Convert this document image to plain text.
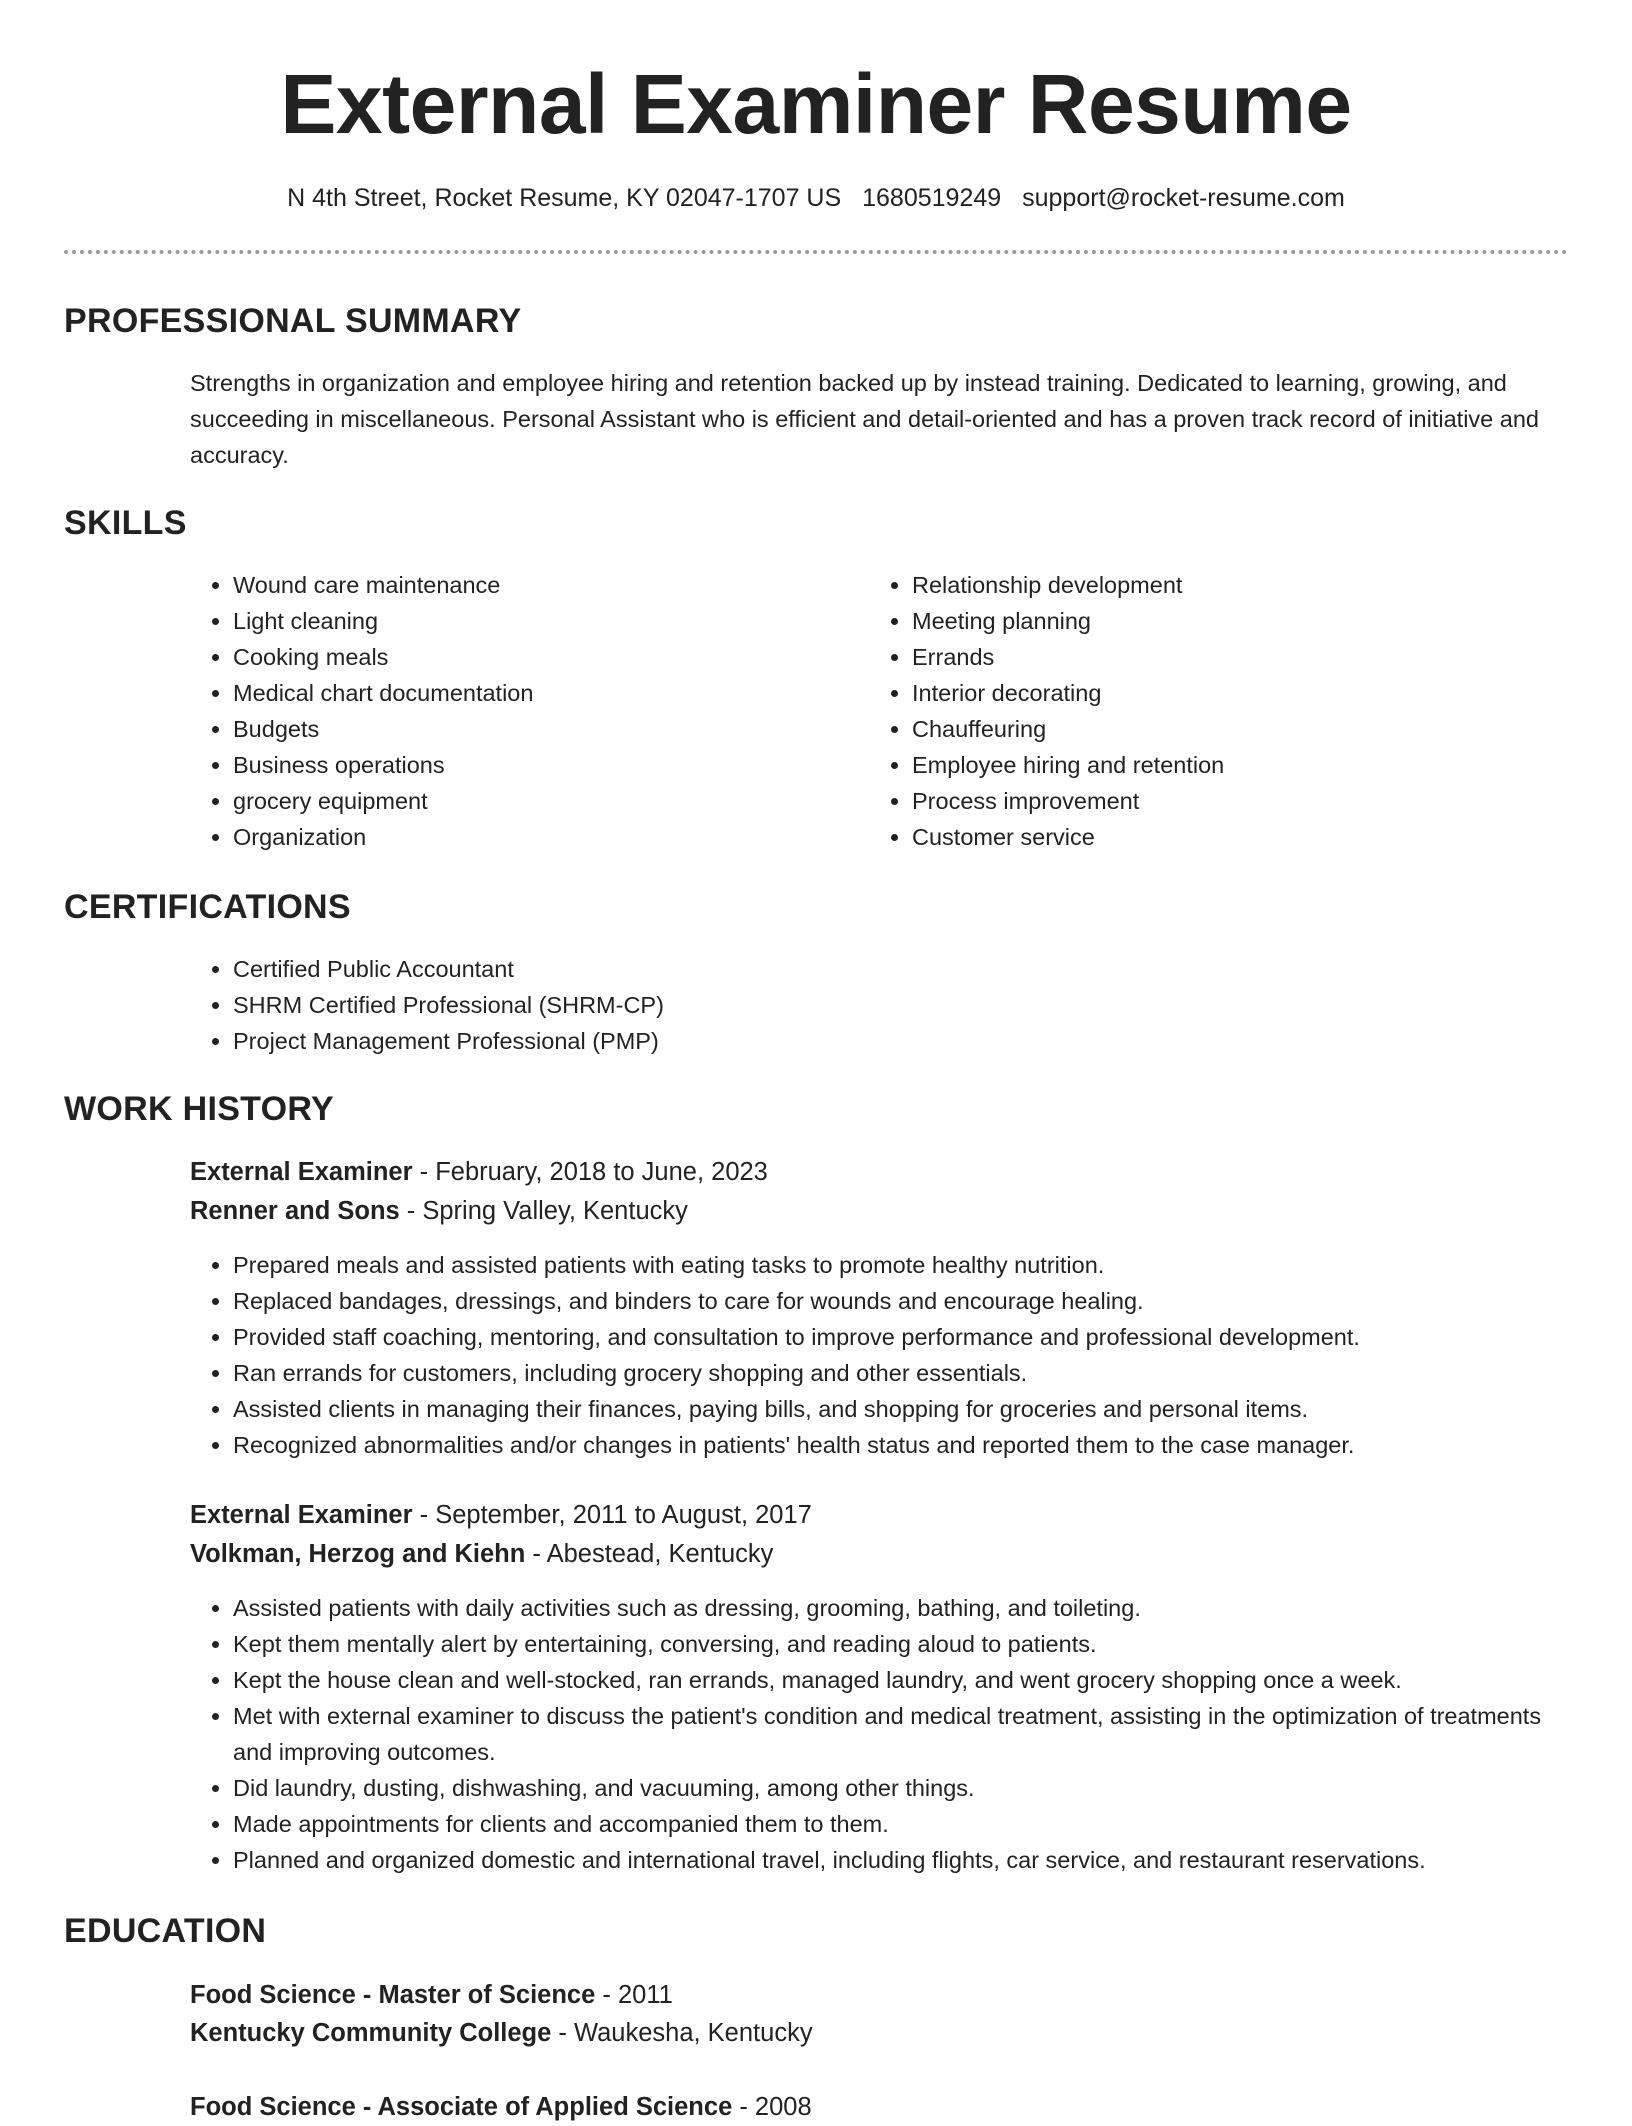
External Examiner Resume
N 4th Street, Rocket Resume, KY 02047-1707 US 1680519249 support@rocket-resume.com
PROFESSIONAL SUMMARY

Strengths in organization and employee hiring and retention backed up by instead training. Dedicated to learning, growing, and succeeding in miscellaneous. Personal Assistant who is efficient and detail-oriented and has a proven track record of initiative and accuracy.

SKILLS
• Wound care maintenance
• Light cleaning
• Cooking meals
• Medical chart documentation
• Budgets
• Business operations
• grocery equipment
• Organization
• Relationship development
• Meeting planning
• Errands
• Interior decorating
• Chauffeuring
• Employee hiring and retention
• Process improvement
• Customer service
CERTIFICATIONS
• Certified Public Accountant
• SHRM Certified Professional (SHRM-CP)
• Project Management Professional (PMP)
WORK HISTORY
External Examiner - February, 2018 to June, 2023
Renner and Sons - Spring Valley, Kentucky
• Prepared meals and assisted patients with eating tasks to promote healthy nutrition.
• Replaced bandages, dressings, and binders to care for wounds and encourage healing.
• Provided staff coaching, mentoring, and consultation to improve performance and professional development.
• Ran errands for customers, including grocery shopping and other essentials.
• Assisted clients in managing their finances, paying bills, and shopping for groceries and personal items.
• Recognized abnormalities and/or changes in patients' health status and reported them to the case manager.
External Examiner - September, 2011 to August, 2017
Volkman, Herzog and Kiehn - Abestead, Kentucky
• Assisted patients with daily activities such as dressing, grooming, bathing, and toileting.
• Kept them mentally alert by entertaining, conversing, and reading aloud to patients.
• Kept the house clean and well-stocked, ran errands, managed laundry, and went grocery shopping once a week.
• Met with external examiner to discuss the patient's condition and medical treatment, assisting in the optimization of treatments and improving outcomes.
• Did laundry, dusting, dishwashing, and vacuuming, among other things.
• Made appointments for clients and accompanied them to them.
• Planned and organized domestic and international travel, including flights, car service, and restaurant reservations.
EDUCATION
Food Science - Master of Science - 2011
Kentucky Community College - Waukesha, Kentucky
Food Science - Associate of Applied Science - 2008
